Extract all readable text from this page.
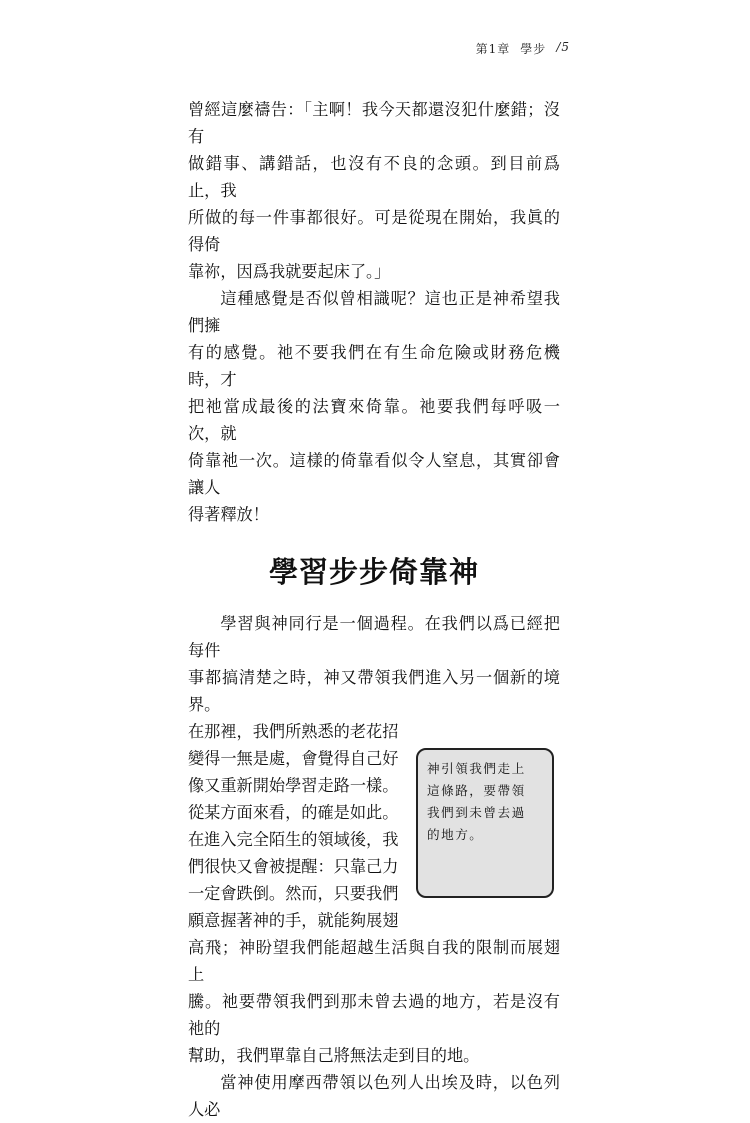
第1章 學步 /5

曾經這麼禱告：「主啊！我今天都還沒犯什麼錯；沒有
做錯事、講錯話，也沒有不良的念頭。到目前爲止，我
所做的每一件事都很好。可是從現在開始，我眞的得倚
靠祢，因爲我就要起床了。」

這種感覺是否似曾相識呢？這也正是神希望我們擁
有的感覺。祂不要我們在有生命危險或財務危機時，才
把祂當成最後的法寶來倚靠。祂要我們每呼吸一次，就
倚靠祂一次。這樣的倚靠看似令人窒息，其實卻會讓人
得著釋放！

學習步步倚靠神

學習與神同行是一個過程。在我們以爲已經把每件
事都搞清楚之時，神又帶領我們進入另一個新的境界。

在那裡，我們所熟悉的老花招
變得一無是處，會覺得自己好
像又重新開始學習走路一樣。
從某方面來看，的確是如此。
在進入完全陌生的領域後，我
們很快又會被提醒：只靠己力
一定會跌倒。然而，只要我們
願意握著神的手，就能夠展翅
神引領我們走上
這條路，要帶領
我們到未曾去過
的地方。

高飛；神盼望我們能超越生活與自我的限制而展翅上
騰。祂要帶領我們到那未曾去過的地方，若是沒有祂的
幫助，我們單靠自己將無法走到目的地。

當神使用摩西帶領以色列人出埃及時，以色列人必
